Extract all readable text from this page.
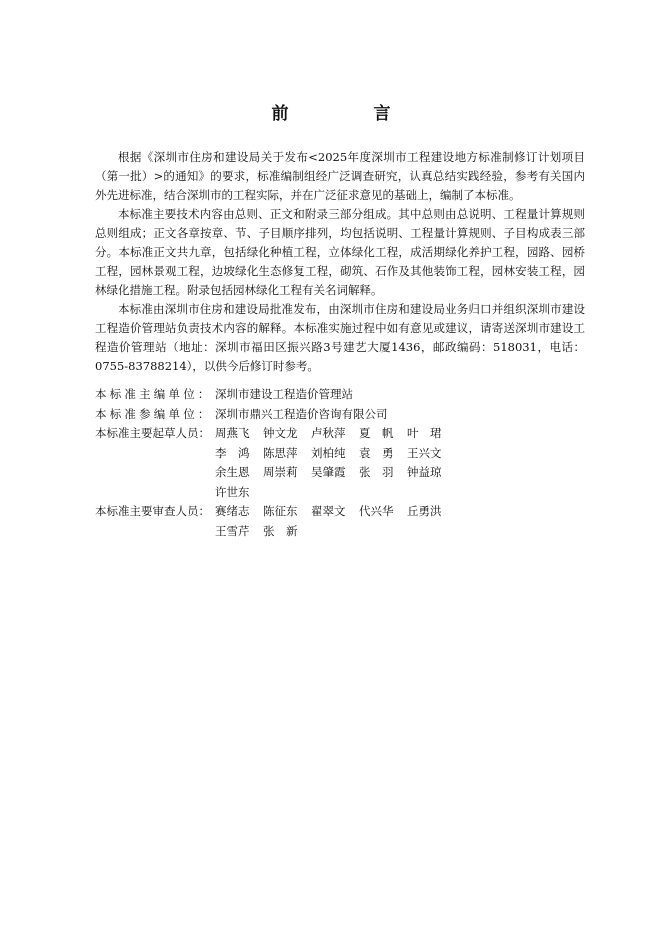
前　言

根据《深圳市住房和建设局关于发布<2025年度深圳市工程建设地方标准制修订计划项目（第一批）>的通知》的要求，标准编制组经广泛调查研究，认真总结实践经验，参考有关国内外先进标准，结合深圳市的工程实际，并在广泛征求意见的基础上，编制了本标准。

本标准主要技术内容由总则、正文和附录三部分组成。其中总则由总说明、工程量计算规则总则组成；正文各章按章、节、子目顺序排列，均包括说明、工程量计算规则、子目构成表三部分。本标准正文共九章，包括绿化种植工程，立体绿化工程，成活期绿化养护工程，园路、园桥工程，园林景观工程，边坡绿化生态修复工程，砌筑、石作及其他装饰工程，园林安装工程，园林绿化措施工程。附录包括园林绿化工程有关名词解释。

本标准由深圳市住房和建设局批准发布，由深圳市住房和建设局业务归口并组织深圳市建设工程造价管理站负责技术内容的解释。本标准实施过程中如有意见或建议，请寄送深圳市建设工程造价管理站（地址：深圳市福田区振兴路3号建艺大厦1436，邮政编码：518031，电话：0755-83788214），以供今后修订时参考。

本标准主编单位： 深圳市建设工程造价管理站
本标准参编单位： 深圳市鼎兴工程造价咨询有限公司
本标准主要起草人员： 周燕飞	钟文龙	卢秋萍	夏　帆	叶　珺
李　鸿	陈思萍	刘柏纯	袁　勇	王兴文
余生恩	周崇莉	吴肇霞	张　羽	钟益琼
许世东
本标准主要审查人员： 赛绪志	陈征东	翟翠文	代兴华	丘勇洪
王雪芹	张　新
